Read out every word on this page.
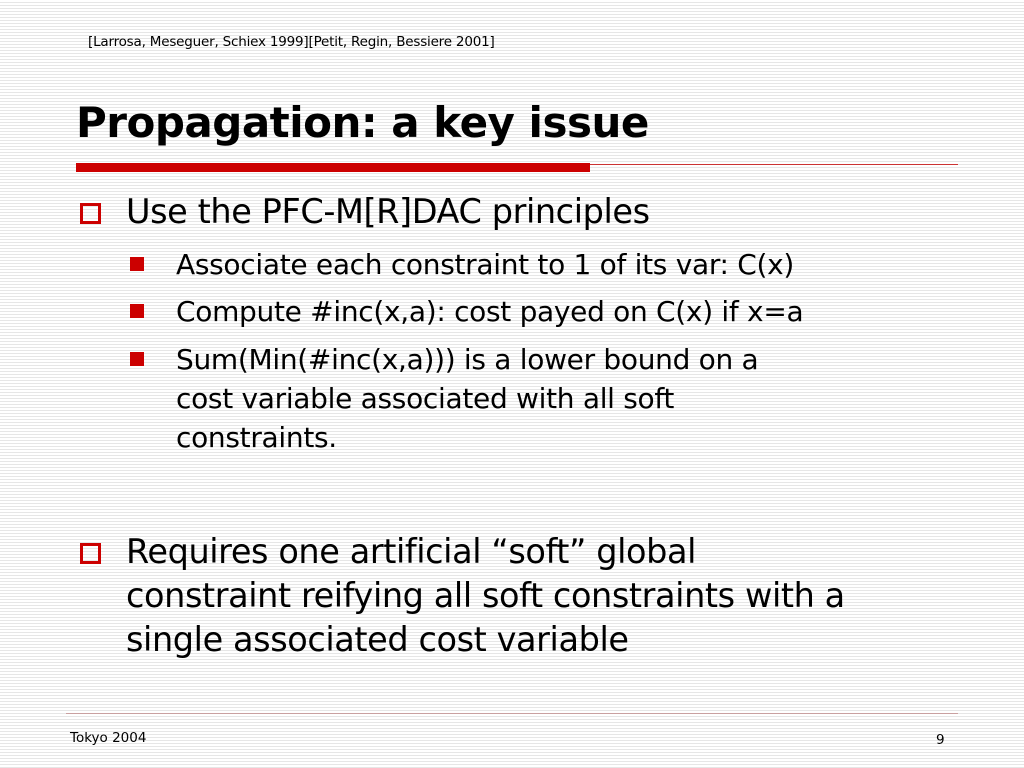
[Larrosa, Meseguer, Schiex 1999][Petit, Regin, Bessiere 2001]
Propagation: a key issue
Use the PFC-M[R]DAC principles
Associate each constraint to 1 of its var: C(x)
Compute #inc(x,a): cost payed on C(x) if x=a
Sum(Min(#inc(x,a))) is a lower bound on a
cost variable associated with all soft
constraints.
Requires one artificial “soft” global
constraint reifying all soft constraints with a
single associated cost variable
Tokyo 2004	9
